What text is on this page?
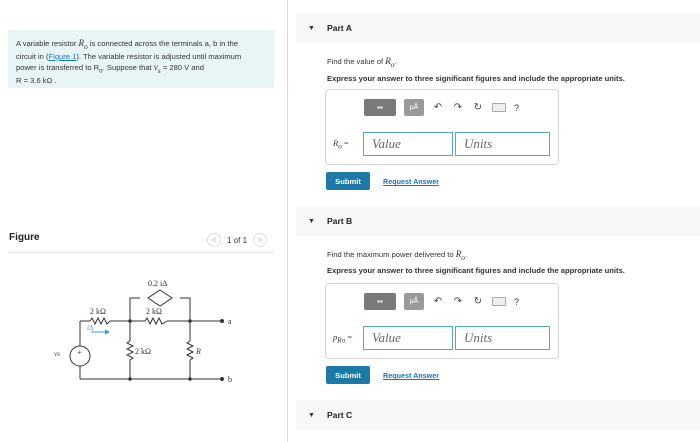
A variable resistor $R_o$ is connected across the terminals a, b in the
circuit in (Figure 1). The variable resistor is adjusted until maximum
power is transferred to $R_o$. Suppose that $v_s = 280$ V and
R = 3.6 kΩ .
Figure	<	1 of 1	>
0.2 iΔ
2 kΩ	2 kΩ
2 kΩ	R
iΔ
vs +
a
b
▼ Part A
Find the value of $R_o$.
Express your answer to three significant figures and include the appropriate units.
▪▪	μÅ	↶ ↷ ↻	?
$R_o$ =	Value	Units
Submit	Request Answer
▼ Part B
Find the maximum power delivered to $R_o$.
Express your answer to three significant figures and include the appropriate units.
▪▪	μÅ	↶ ↷ ↻	?
$p_{Ro}$ =	Value	Units
Submit	Request Answer
▼ Part C
